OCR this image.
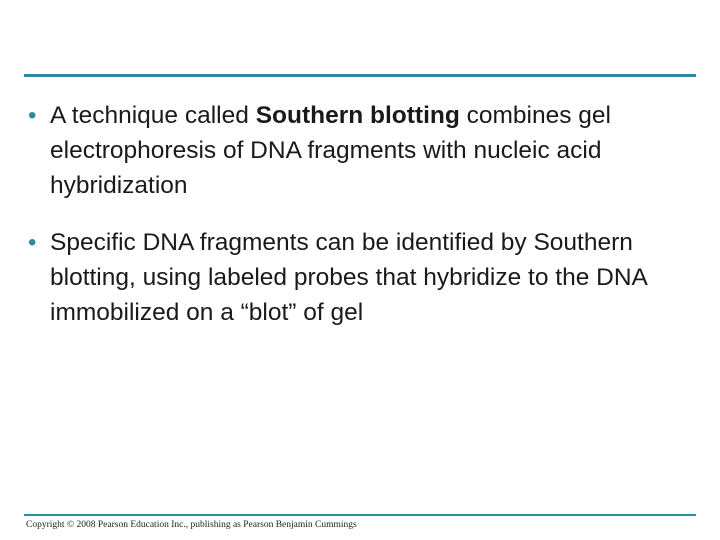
• A technique called Southern blotting combines gel electrophoresis of DNA fragments with nucleic acid hybridization
• Specific DNA fragments can be identified by Southern blotting, using labeled probes that hybridize to the DNA immobilized on a “blot” of gel
Copyright © 2008 Pearson Education Inc., publishing as Pearson Benjamin Cummings
